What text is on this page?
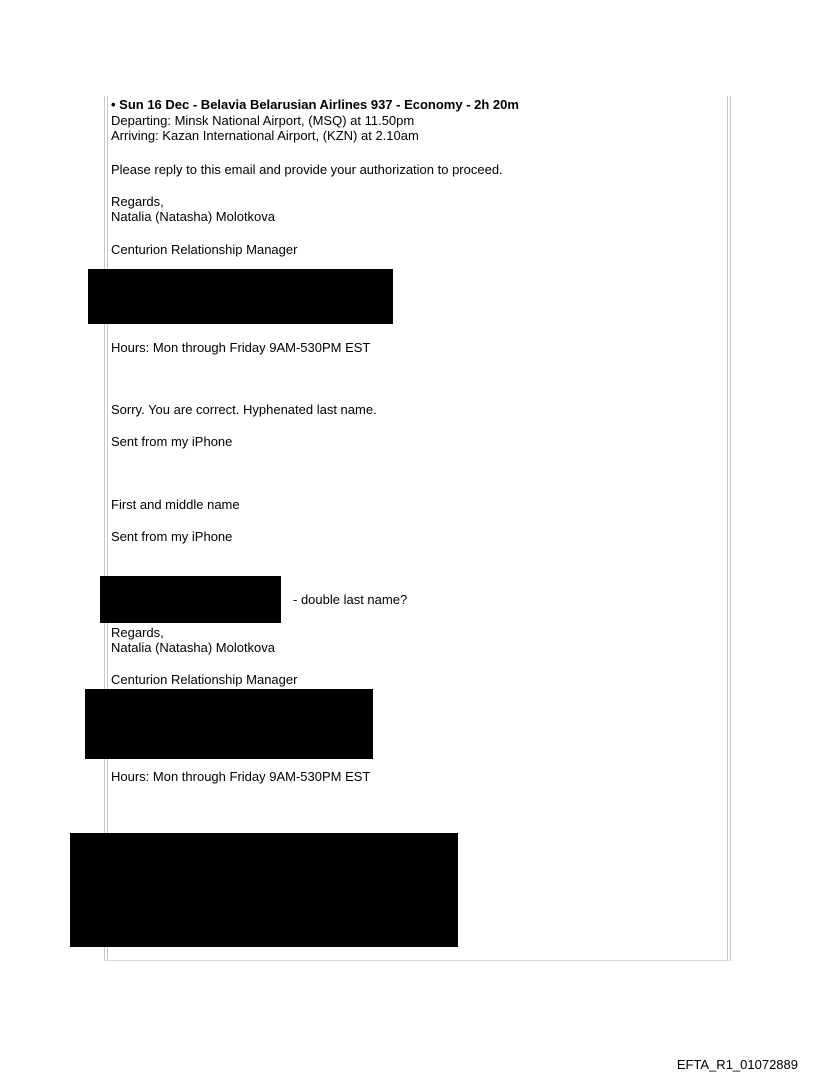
• Sun 16 Dec - Belavia Belarusian Airlines 937 - Economy - 2h 20m
Departing: Minsk National Airport, (MSQ) at 11.50pm
Arriving: Kazan International Airport, (KZN) at 2.10am
Please reply to this email and provide your authorization to proceed.
Regards,
Natalia (Natasha) Molotkova
Centurion Relationship Manager
Hours: Mon through Friday 9AM-530PM EST
Sorry. You are correct. Hyphenated last name.
Sent from my iPhone
First and middle name
Sent from my iPhone
- double last name?
Regards,
Natalia (Natasha) Molotkova
Centurion Relationship Manager
Hours: Mon through Friday 9AM-530PM EST
EFTA_R1_01072889
